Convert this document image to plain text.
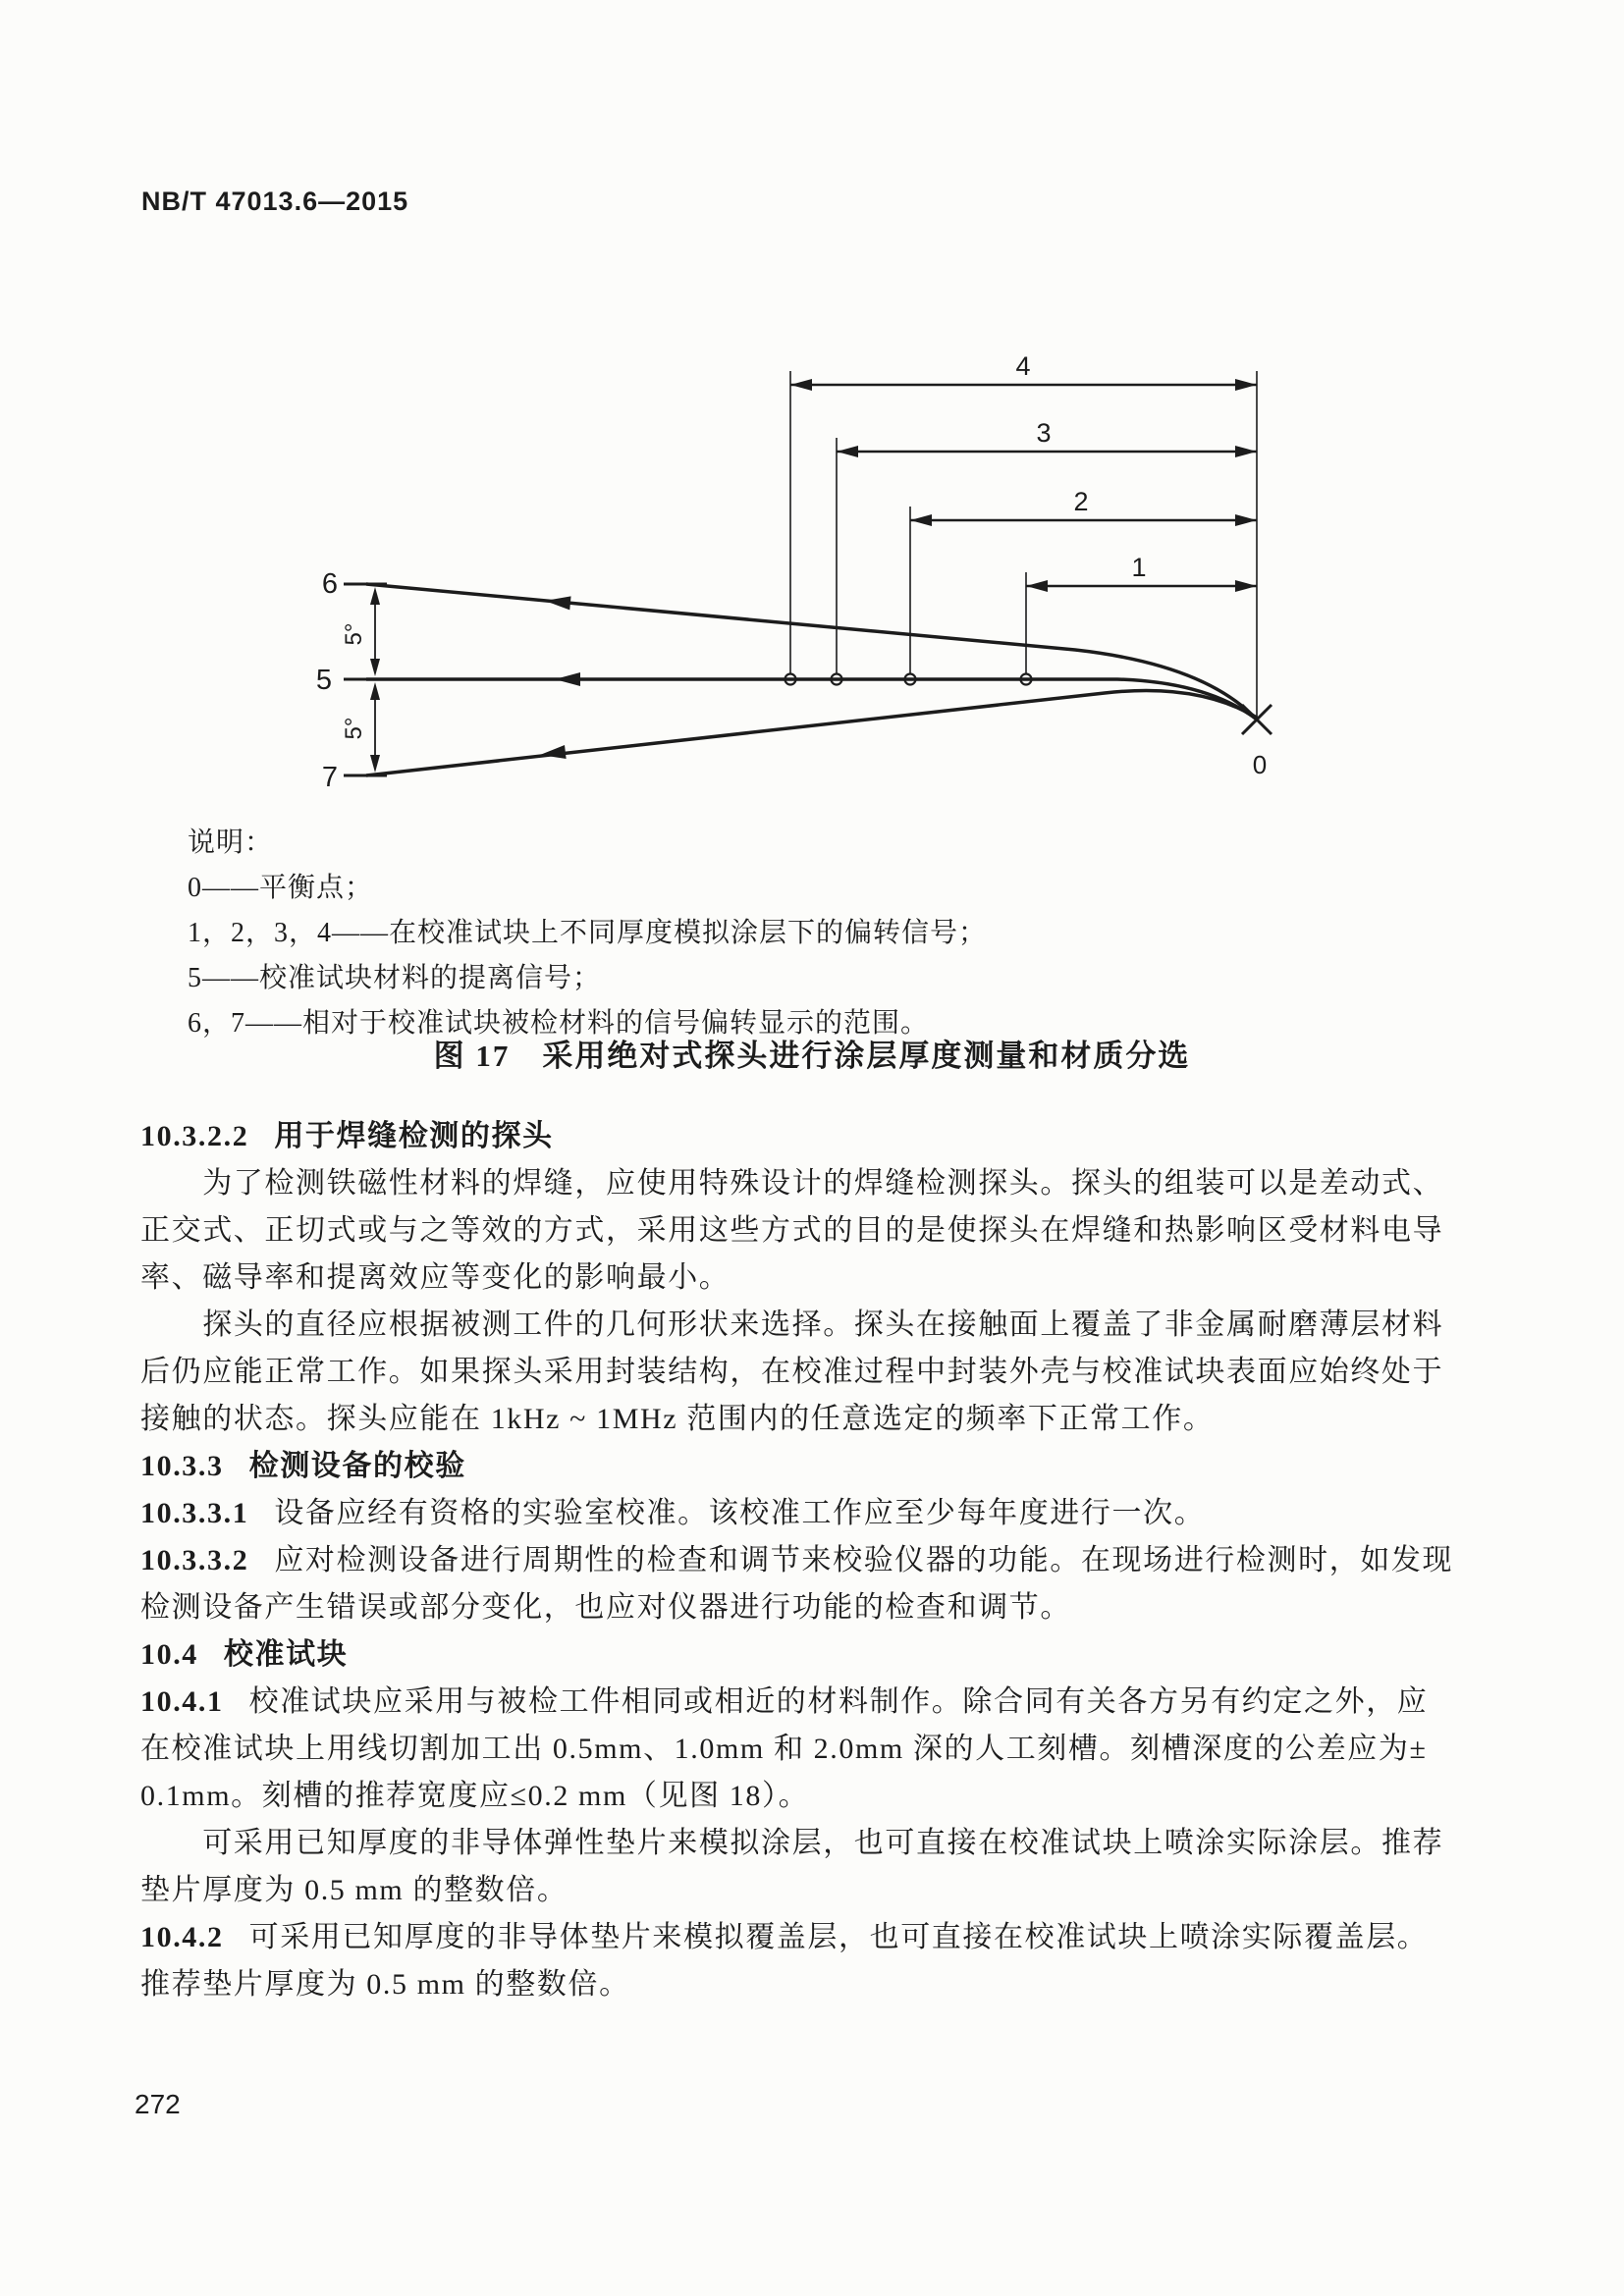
NB/T 47013.6—2015
4
3
2
1
6
5
7
5°
5°
0
说明：
0——平衡点；
1，2，3，4——在校准试块上不同厚度模拟涂层下的偏转信号；
5——校准试块材料的提离信号；
6，7——相对于校准试块被检材料的信号偏转显示的范围。
图 17　采用绝对式探头进行涂层厚度测量和材质分选
10.3.2.2 用于焊缝检测的探头
　　为了检测铁磁性材料的焊缝，应使用特殊设计的焊缝检测探头。探头的组装可以是差动式、
正交式、正切式或与之等效的方式，采用这些方式的目的是使探头在焊缝和热影响区受材料电导
率、磁导率和提离效应等变化的影响最小。
　　探头的直径应根据被测工件的几何形状来选择。探头在接触面上覆盖了非金属耐磨薄层材料
后仍应能正常工作。如果探头采用封装结构，在校准过程中封装外壳与校准试块表面应始终处于
接触的状态。探头应能在 1kHz ~ 1MHz 范围内的任意选定的频率下正常工作。
10.3.3 检测设备的校验
10.3.3.1 设备应经有资格的实验室校准。该校准工作应至少每年度进行一次。
10.3.3.2 应对检测设备进行周期性的检查和调节来校验仪器的功能。在现场进行检测时，如发现
检测设备产生错误或部分变化，也应对仪器进行功能的检查和调节。
10.4 校准试块
10.4.1 校准试块应采用与被检工件相同或相近的材料制作。除合同有关各方另有约定之外，应
在校准试块上用线切割加工出 0.5mm、1.0mm 和 2.0mm 深的人工刻槽。刻槽深度的公差应为±
0.1mm。刻槽的推荐宽度应≤0.2 mm（见图 18）。
　　可采用已知厚度的非导体弹性垫片来模拟涂层，也可直接在校准试块上喷涂实际涂层。推荐
垫片厚度为 0.5 mm 的整数倍。
10.4.2 可采用已知厚度的非导体垫片来模拟覆盖层，也可直接在校准试块上喷涂实际覆盖层。
推荐垫片厚度为 0.5 mm 的整数倍。
272
